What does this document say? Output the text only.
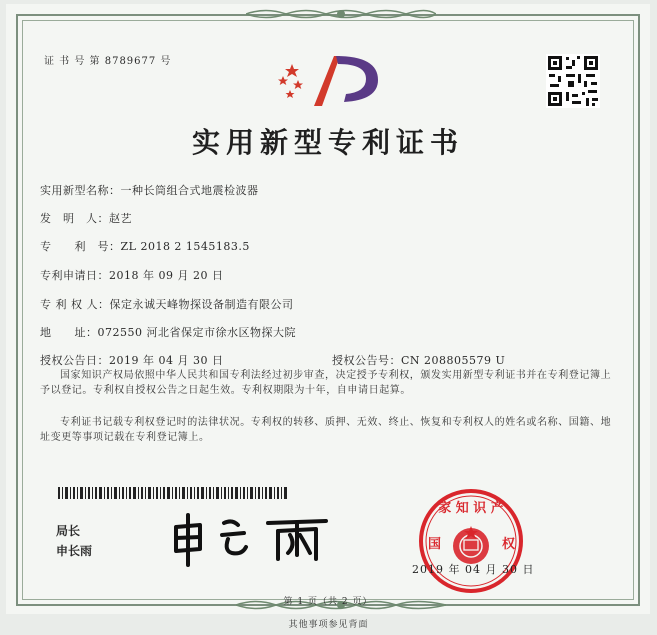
证 书 号 第 8789677 号
实用新型专利证书
实用新型名称：一种长筒组合式地震检波器
发　明　人：赵艺
专　　利　号：ZL 2018 2 1545183.5
专利申请日：2018 年 09 月 20 日
专 利 权 人：保定永诚天峰物探设备制造有限公司
地　　址：072550 河北省保定市徐水区物探大院
授权公告日：2019 年 04 月 30 日	授权公告号：CN 208805579 U
国家知识产权局依照中华人民共和国专利法经过初步审查，决定授予专利权，颁发实用新型专利证书并在专利登记簿上予以登记。专利权自授权公告之日起生效。专利权期限为十年，自申请日起算。
专利证书记载专利权登记时的法律状况。专利权的转移、质押、无效、终止、恢复和专利权人的姓名或名称、国籍、地址变更等事项记载在专利登记簿上。
局长
申长雨
家 知 识 产
国	权
2019 年 04 月 30 日
第 1 页（共 2 页）
其他事项参见背面
